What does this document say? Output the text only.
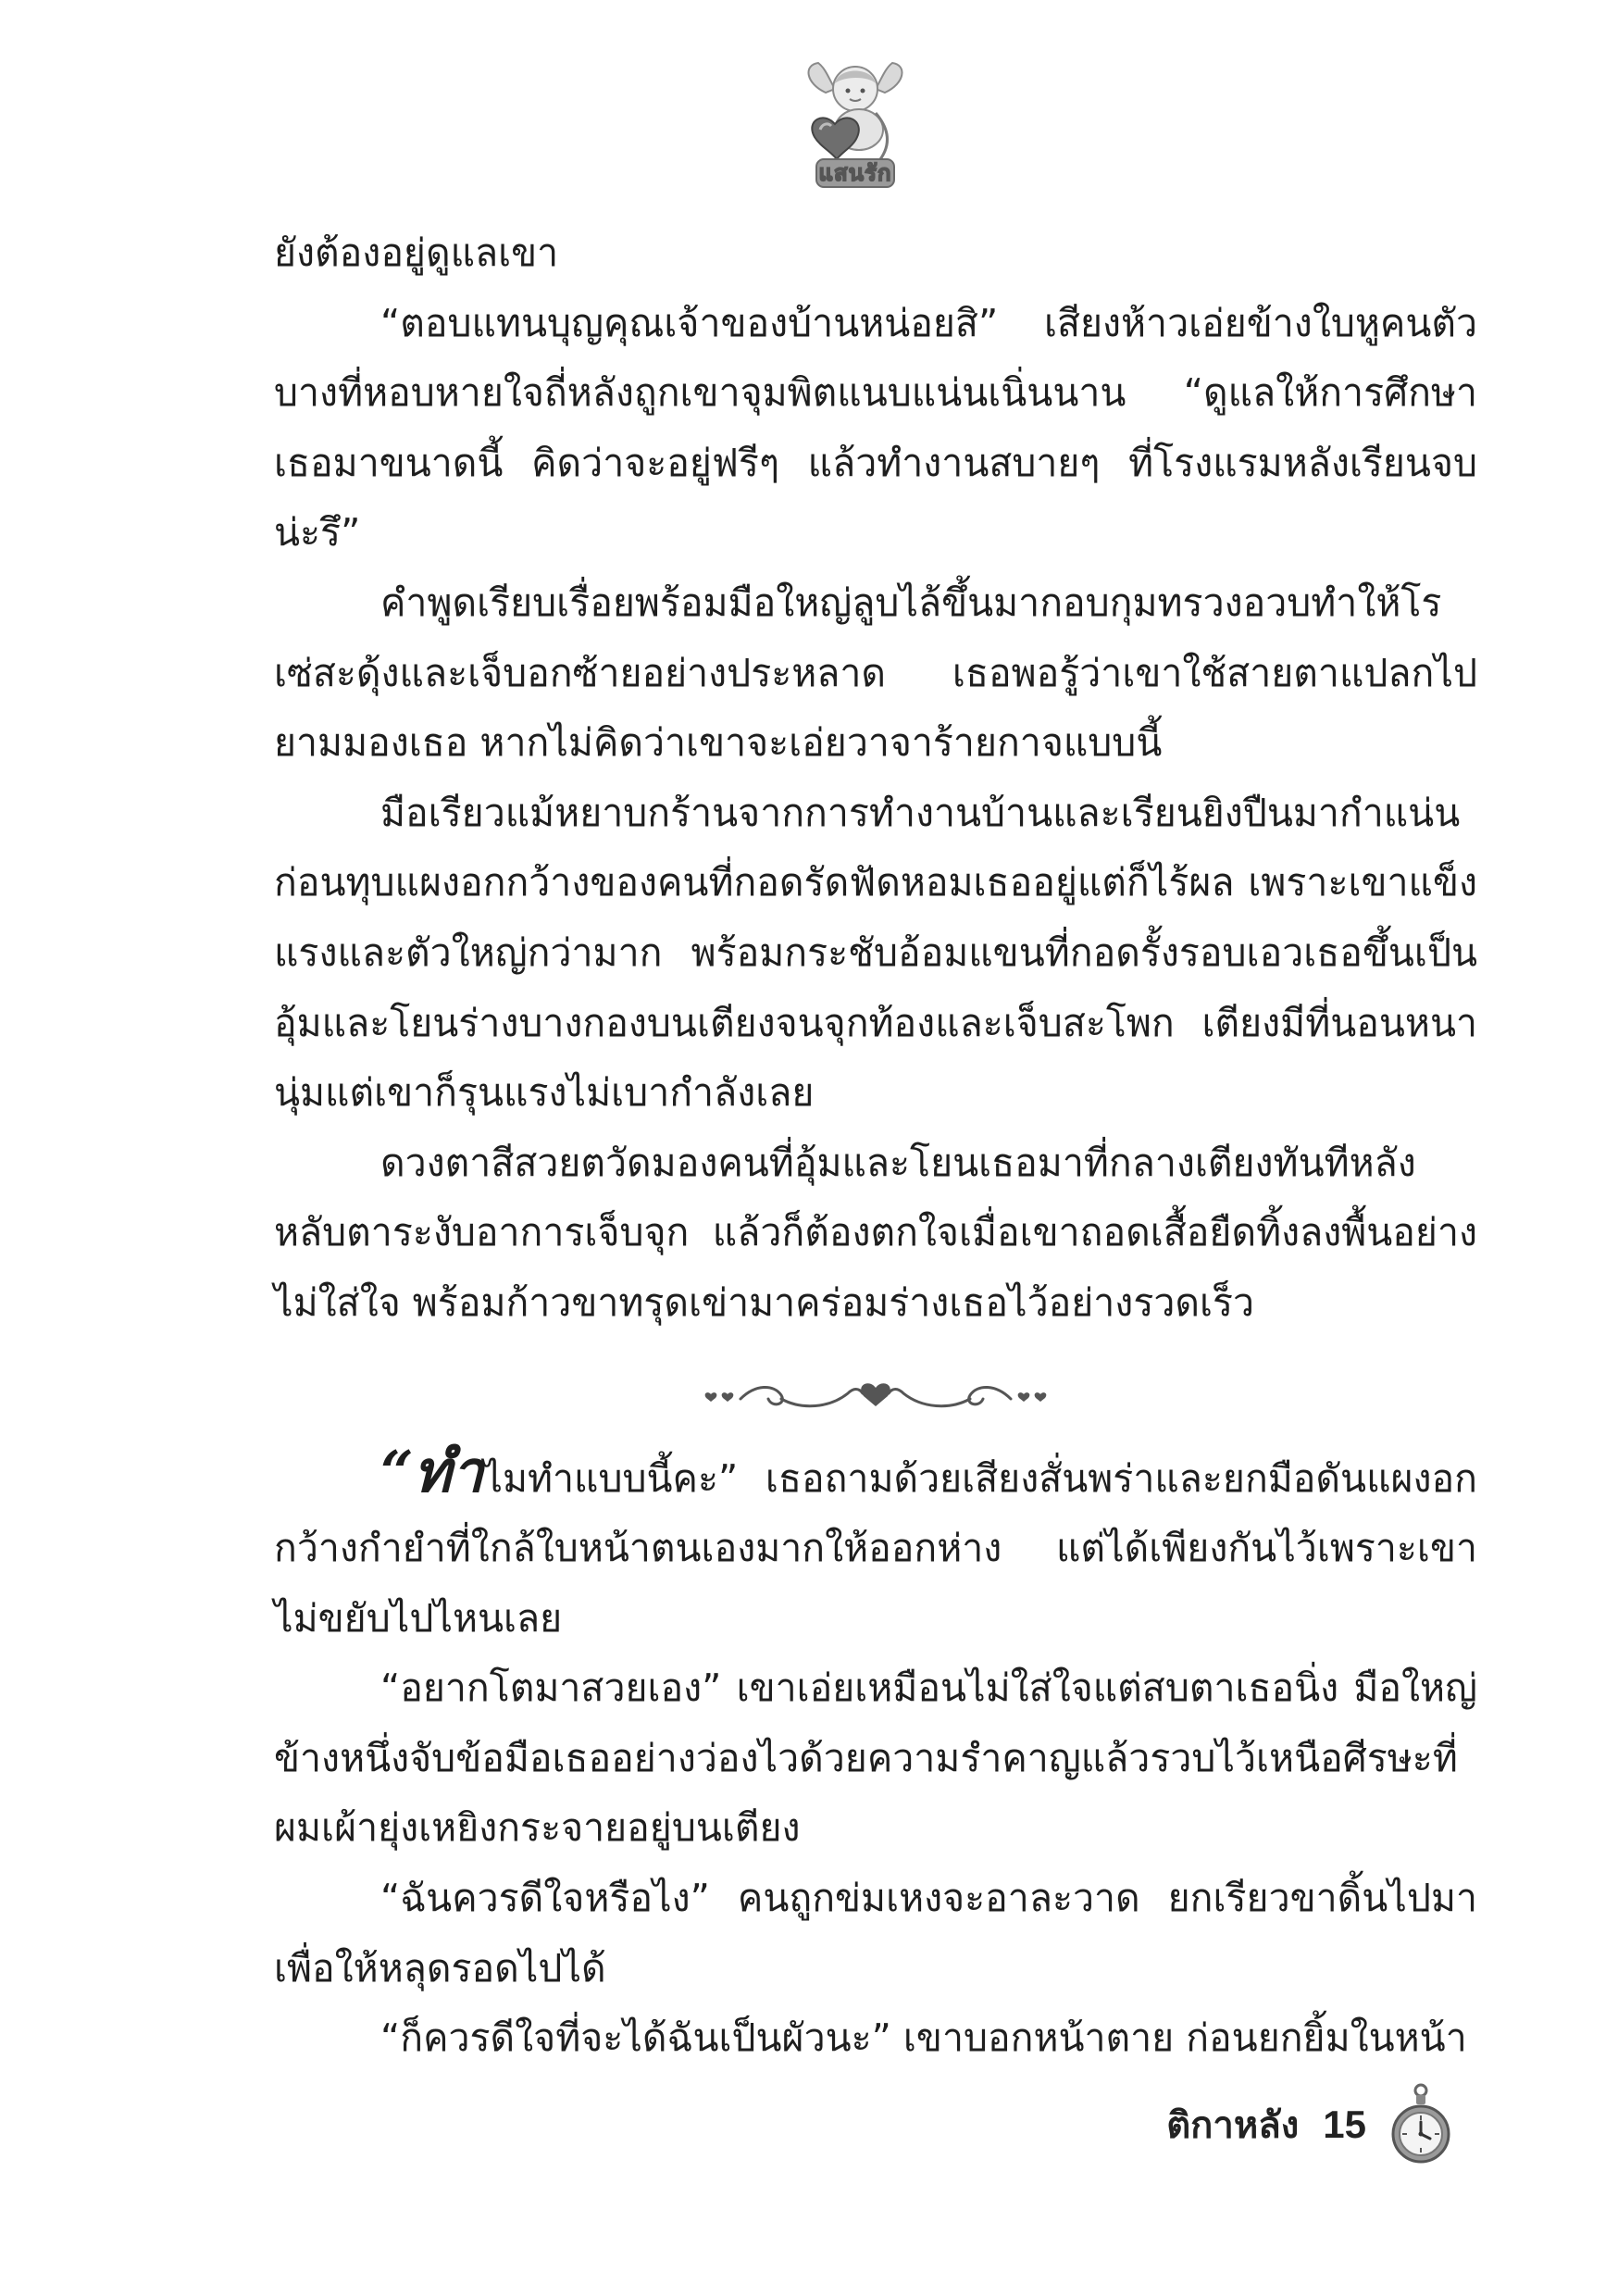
แสนรัก

ยังต้องอยู่ดูแลเขา

“ตอบแทนบุญคุณเจ้าของบ้านหน่อยสิ” เสียงห้าวเอ่ยข้างใบหูคนตัวบางที่หอบหายใจถี่หลังถูกเขาจุมพิตแนบแน่นเนิ่นนาน “ดูแลให้การศึกษาเธอมาขนาดนี้ คิดว่าจะอยู่ฟรีๆ แล้วทำงานสบายๆ ที่โรงแรมหลังเรียนจบน่ะรึ”

คำพูดเรียบเรื่อยพร้อมมือใหญ่ลูบไล้ขึ้นมากอบกุมทรวงอวบทำให้โรเซ่สะดุ้งและเจ็บอกซ้ายอย่างประหลาด เธอพอรู้ว่าเขาใช้สายตาแปลกไปยามมองเธอ หากไม่คิดว่าเขาจะเอ่ยวาจาร้ายกาจแบบนี้

มือเรียวแม้หยาบกร้านจากการทำงานบ้านและเรียนยิงปืนมากำแน่นก่อนทุบแผงอกกว้างของคนที่กอดรัดฟัดหอมเธออยู่แต่ก็ไร้ผล เพราะเขาแข็งแรงและตัวใหญ่กว่ามาก พร้อมกระชับอ้อมแขนที่กอดรั้งรอบเอวเธอขึ้นเป็นอุ้มและโยนร่างบางกองบนเตียงจนจุกท้องและเจ็บสะโพก เตียงมีที่นอนหนานุ่มแต่เขาก็รุนแรงไม่เบากำลังเลย

ดวงตาสีสวยตวัดมองคนที่อุ้มและโยนเธอมาที่กลางเตียงทันทีหลังหลับตาระงับอาการเจ็บจุก แล้วก็ต้องตกใจเมื่อเขาถอดเสื้อยืดทิ้งลงพื้นอย่างไม่ใส่ใจ พร้อมก้าวขาทรุดเข่ามาคร่อมร่างเธอไว้อย่างรวดเร็ว

“ทำไมทำแบบนี้คะ” เธอถามด้วยเสียงสั่นพร่าและยกมือดันแผงอกกว้างกำยำที่ใกล้ใบหน้าตนเองมากให้ออกห่าง แต่ได้เพียงกันไว้เพราะเขาไม่ขยับไปไหนเลย

“อยากโตมาสวยเอง” เขาเอ่ยเหมือนไม่ใส่ใจแต่สบตาเธอนิ่ง มือใหญ่ข้างหนึ่งจับข้อมือเธออย่างว่องไวด้วยความรำคาญแล้วรวบไว้เหนือศีรษะที่ผมเผ้ายุ่งเหยิงกระจายอยู่บนเตียง

“ฉันควรดีใจหรือไง” คนถูกข่มเหงจะอาละวาด ยกเรียวขาดิ้นไปมาเพื่อให้หลุดรอดไปได้

“ก็ควรดีใจที่จะได้ฉันเป็นผัวนะ” เขาบอกหน้าตาย ก่อนยกยิ้มในหน้า

ติกาหลัง 15
